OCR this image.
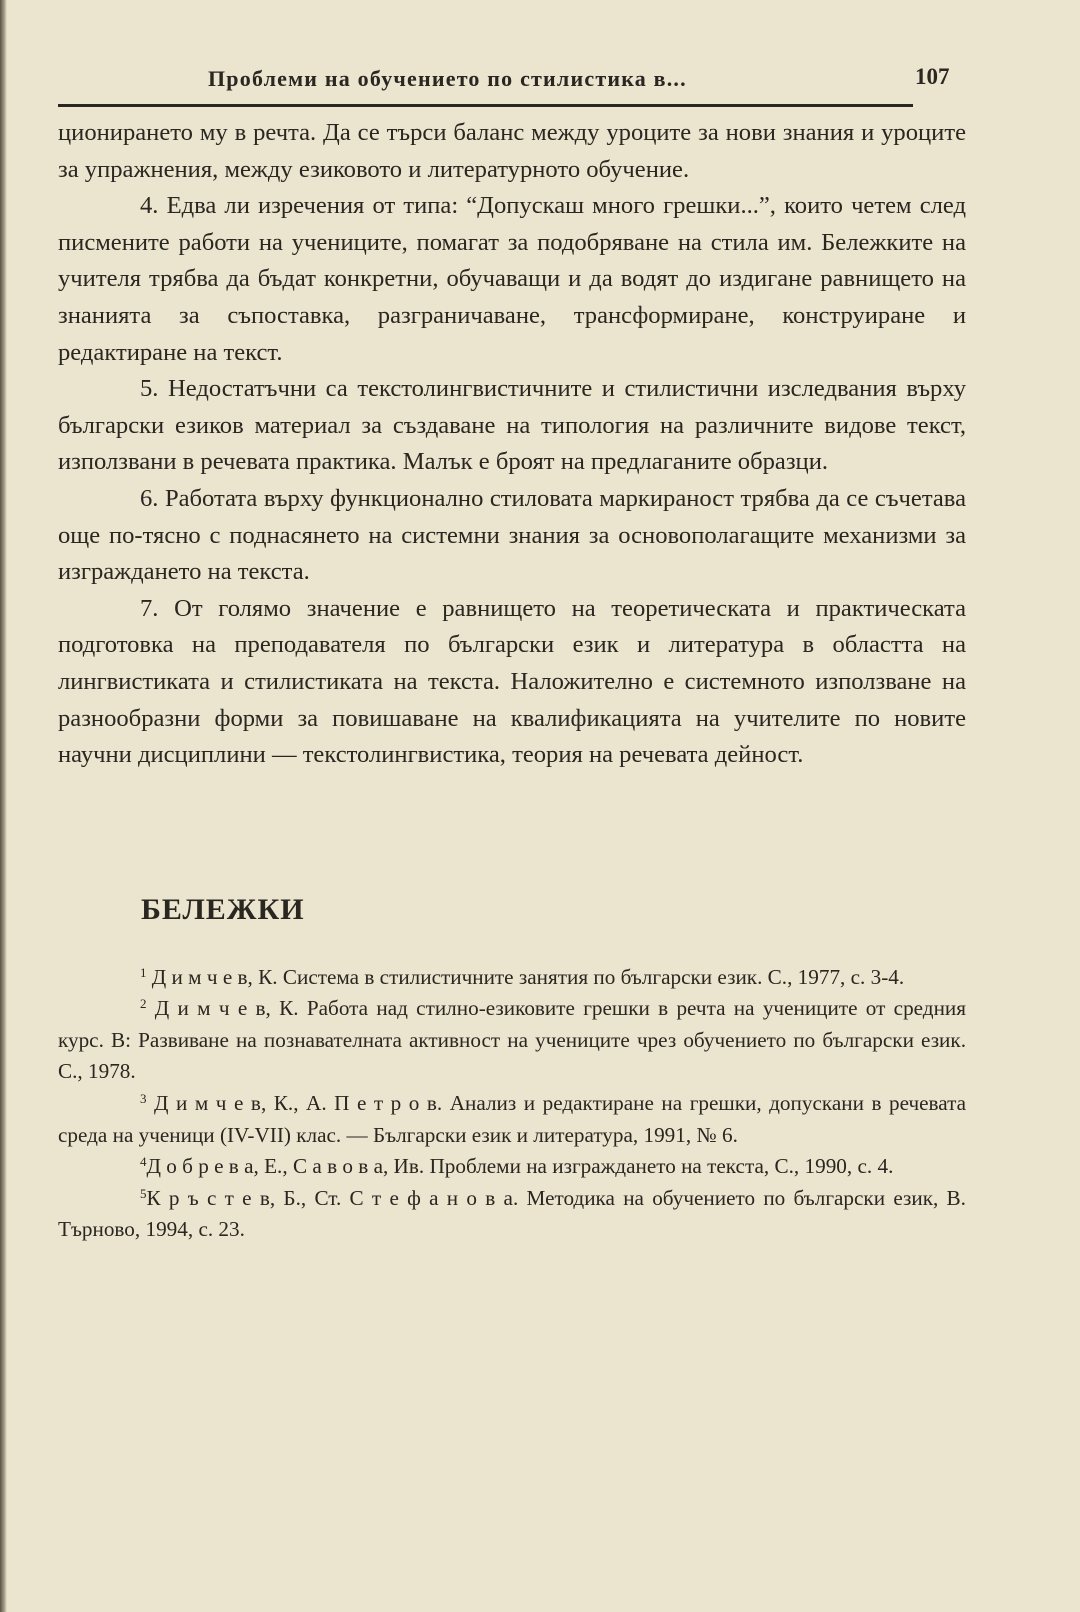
Проблеми на обучението по стилистика в...	107

ционирането му в речта. Да се търси баланс между уроците за нови знания и уроците за упражнения, между езиковото и литературното обучение.

4. Едва ли изречения от типа: “Допускаш много грешки...”, които четем след писмените работи на учениците, помагат за подобряване на стила им. Бележките на учителя трябва да бъдат конкретни, обучаващи и да водят до издигане равнището на знанията за съпоставка, разграничаване, трансформиране, конструиране и редактиране на текст.

5. Недостатъчни са текстолингвистичните и стилистични изследвания върху български езиков материал за създаване на типология на различните видове текст, използвани в речевата практика. Малък е броят на предлаганите образци.

6. Работата върху функционално стиловата маркираност трябва да се съчетава още по-тясно с поднасянето на системни знания за основополагащите механизми за изграждането на текста.

7. От голямо значение е равнището на теоретическата и практическата подготовка на преподавателя по български език и литература в областта на лингвистиката и стилистиката на текста. Наложително е системното използване на разнообразни форми за повишаване на квалификацията на учителите по новите научни дисциплини — текстолингвистика, теория на речевата дейност.

БЕЛЕЖКИ

$^1$ Д и м ч е в, К. Система в стилистичните занятия по български език. С., 1977, с. 3-4.

$^2$ Д и м ч е в, К. Работа над стилно-езиковите грешки в речта на учениците от средния курс. В: Развиване на познавателната активност на учениците чрез обучението по български език. С., 1978.

$^3$ Д и м ч е в, К., А. П е т р о в. Анализ и редактиране на грешки, допускани в речевата среда на ученици (IV-VII) клас. — Български език и литература, 1991, № 6.

$^4$Д о б р е в а, Е., С а в о в а, Ив. Проблеми на изграждането на текста, С., 1990, с. 4.

$^5$К р ъ с т е в, Б., Ст. С т е ф а н о в а. Методика на обучението по български език, В. Търново, 1994, с. 23.
